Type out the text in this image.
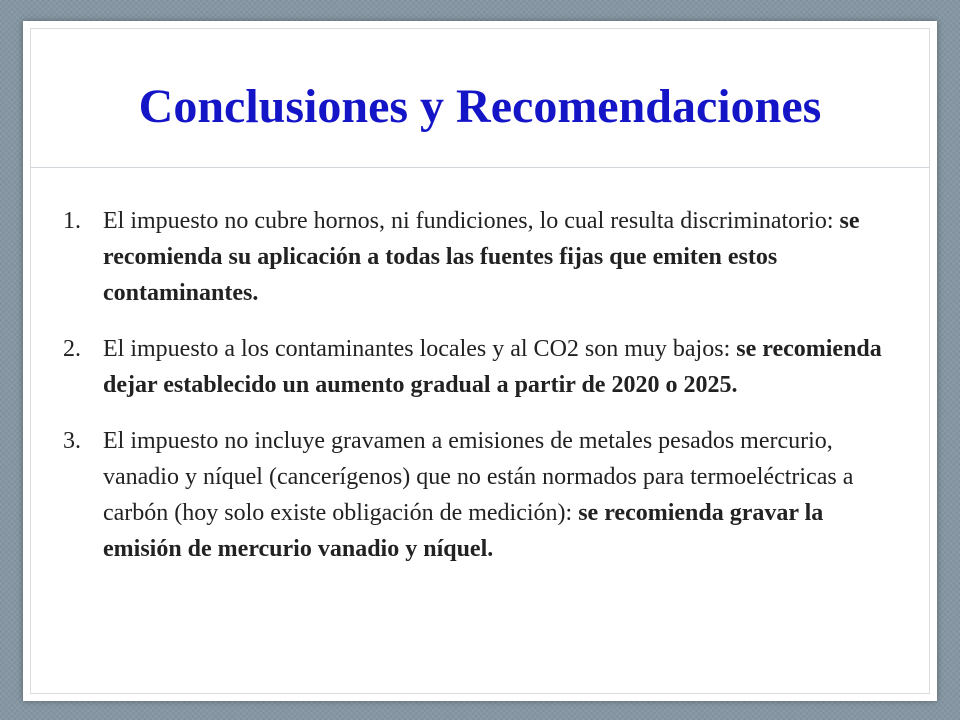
Conclusiones y Recomendaciones
1. El impuesto no cubre hornos, ni fundiciones, lo cual resulta discriminatorio: se recomienda su aplicación a todas las fuentes fijas que emiten estos contaminantes.
2. El impuesto a los contaminantes locales y al CO2 son muy bajos: se recomienda dejar establecido un aumento gradual a partir de 2020 o 2025.
3. El impuesto no incluye gravamen a emisiones de metales pesados mercurio, vanadio y níquel (cancerígenos) que no están normados para termoeléctricas a carbón (hoy solo existe obligación de medición): se recomienda gravar la emisión de mercurio vanadio y níquel.
